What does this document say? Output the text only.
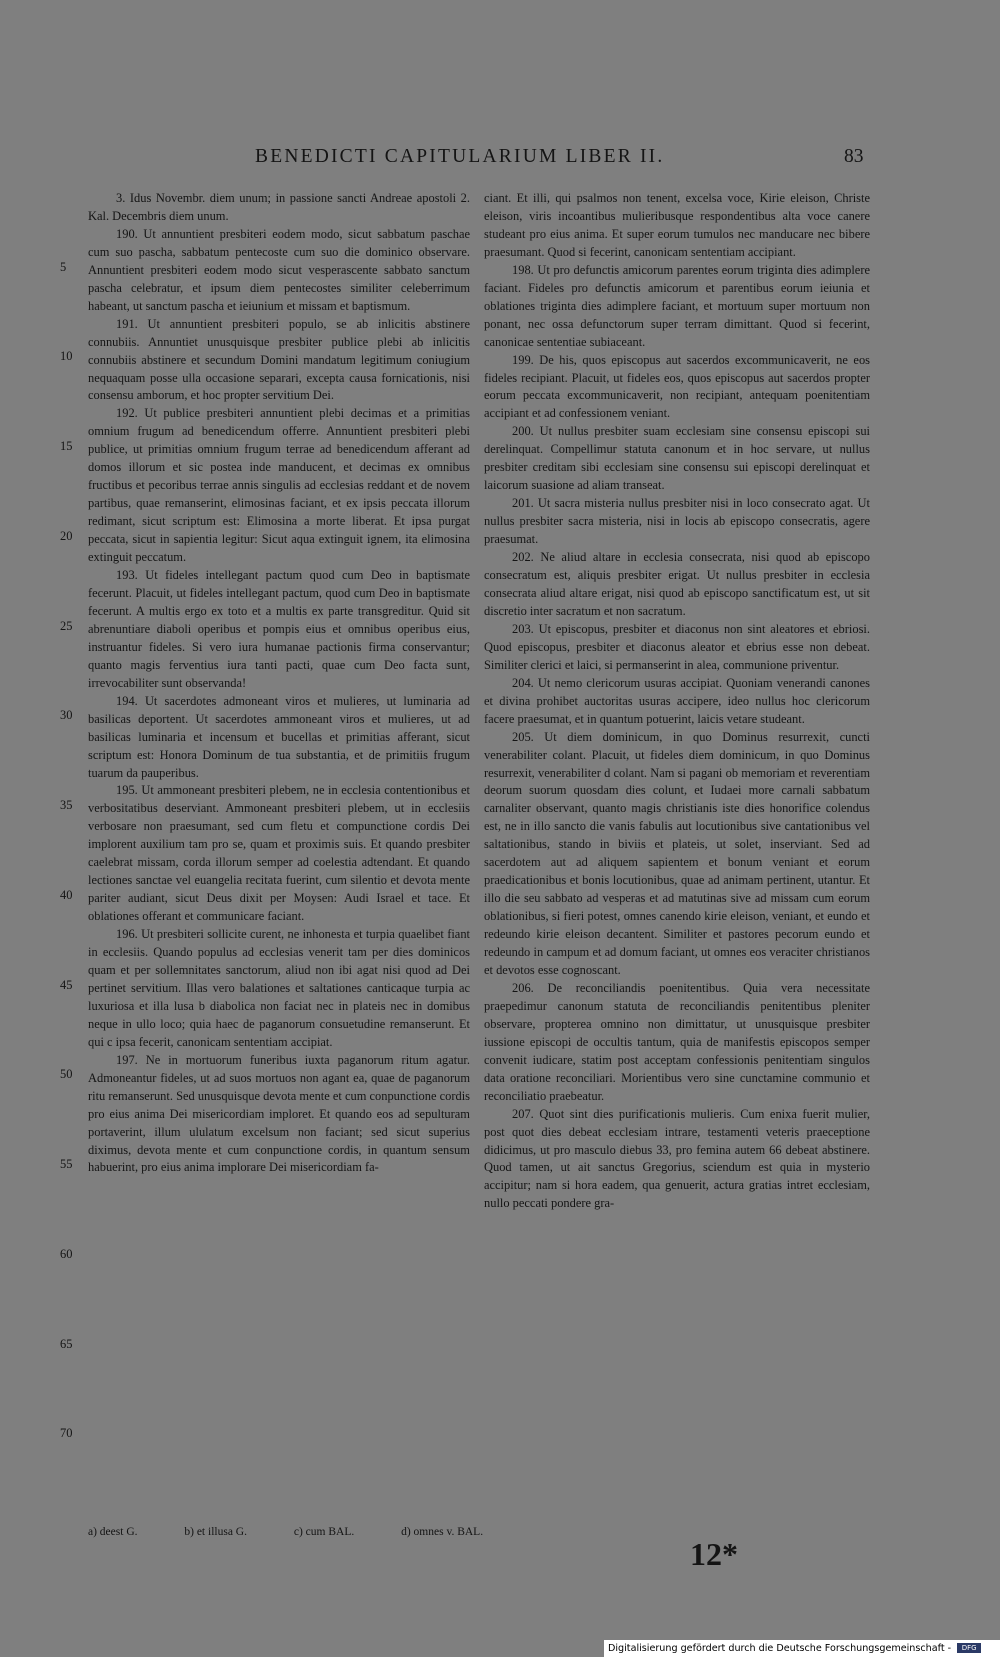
BENEDICTI CAPITULARIUM LIBER II.	83
5
10
15
20
25
30
35
40
45
50
55
60
65
70

3. Idus Novembr. diem unum; in passione sancti Andreae apostoli 2. Kal. Decembris diem unum.

190. Ut annuntient presbiteri eodem modo, sicut sabbatum paschae cum suo pascha, sabbatum pentecoste cum suo die dominico observare. Annuntient presbiteri eodem modo sicut vesperascente sabbato sanctum pascha celebratur, et ipsum diem pentecostes similiter celeberrimum habeant, ut sanctum pascha et ieiunium et missam et baptismum.

191. Ut annuntient presbiteri populo, se ab inlicitis abstinere connubiis. Annuntiet unusquisque presbiter publice plebi ab inlicitis connubiis abstinere et secundum Domini mandatum legitimum coniugium nequaquam posse ulla occasione separari, excepta causa fornicationis, nisi consensu amborum, et hoc propter servitium Dei.

192. Ut publice presbiteri annuntient plebi decimas et a primitias omnium frugum ad benedicendum offerre. Annuntient presbiteri plebi publice, ut primitias omnium frugum terrae ad benedicendum afferant ad domos illorum et sic postea inde manducent, et decimas ex omnibus fructibus et pecoribus terrae annis singulis ad ecclesias reddant et de novem partibus, quae remanserint, elimosinas faciant, et ex ipsis peccata illorum redimant, sicut scriptum est: Elimosina a morte liberat. Et ipsa purgat peccata, sicut in sapientia legitur: Sicut aqua extinguit ignem, ita elimosina extinguit peccatum.

193. Ut fideles intellegant pactum quod cum Deo in baptismate fecerunt. Placuit, ut fideles intellegant pactum, quod cum Deo in baptismate fecerunt. A multis ergo ex toto et a multis ex parte transgreditur. Quid sit abrenuntiare diaboli operibus et pompis eius et omnibus operibus eius, instruantur fideles. Si vero iura humanae pactionis firma conservantur; quanto magis ferventius iura tanti pacti, quae cum Deo facta sunt, irrevocabiliter sunt observanda!

194. Ut sacerdotes admoneant viros et mulieres, ut luminaria ad basilicas deportent. Ut sacerdotes ammoneant viros et mulieres, ut ad basilicas luminaria et incensum et bucellas et primitias afferant, sicut scriptum est: Honora Dominum de tua substantia, et de primitiis frugum tuarum da pauperibus.

195. Ut ammoneant presbiteri plebem, ne in ecclesia contentionibus et verbositatibus deserviant. Ammoneant presbiteri plebem, ut in ecclesiis verbosare non praesumant, sed cum fletu et compunctione cordis Dei implorent auxilium tam pro se, quam et proximis suis. Et quando presbiter caelebrat missam, corda illorum semper ad coelestia adtendant. Et quando lectiones sanctae vel euangelia recitata fuerint, cum silentio et devota mente pariter audiant, sicut Deus dixit per Moysen: Audi Israel et tace. Et oblationes offerant et communicare faciant.

196. Ut presbiteri sollicite curent, ne inhonesta et turpia quaelibet fiant in ecclesiis. Quando populus ad ecclesias venerit tam per dies dominicos quam et per sollemnitates sanctorum, aliud non ibi agat nisi quod ad Dei pertinet servitium. Illas vero balationes et saltationes canticaque turpia ac luxuriosa et illa lusa b diabolica non faciat nec in plateis nec in domibus neque in ullo loco; quia haec de paganorum consuetudine remanserunt. Et qui c ipsa fecerit, canonicam sententiam accipiat.

197. Ne in mortuorum funeribus iuxta paganorum ritum agatur. Admoneantur fideles, ut ad suos mortuos non agant ea, quae de paganorum ritu remanserunt. Sed unusquisque devota mente et cum conpunctione cordis pro eius anima Dei misericordiam imploret. Et quando eos ad sepulturam portaverint, illum ululatum excelsum non faciant; sed sicut superius diximus, devota mente et cum conpunctione cordis, in quantum sensum habuerint, pro eius anima implorare Dei misericordiam fa-

ciant. Et illi, qui psalmos non tenent, excelsa voce, Kirie eleison, Christe eleison, viris incoantibus mulieribusque respondentibus alta voce canere studeant pro eius anima. Et super eorum tumulos nec manducare nec bibere praesumant. Quod si fecerint, canonicam sententiam accipiant.

198. Ut pro defunctis amicorum parentes eorum triginta dies adimplere faciant. Fideles pro defunctis amicorum et parentibus eorum ieiunia et oblationes triginta dies adimplere faciant, et mortuum super mortuum non ponant, nec ossa defunctorum super terram dimittant. Quod si fecerint, canonicae sententiae subiaceant.

199. De his, quos episcopus aut sacerdos excommunicaverit, ne eos fideles recipiant. Placuit, ut fideles eos, quos episcopus aut sacerdos propter eorum peccata excommunicaverit, non recipiant, antequam poenitentiam accipiant et ad confessionem veniant.

200. Ut nullus presbiter suam ecclesiam sine consensu episcopi sui derelinquat. Compellimur statuta canonum et in hoc servare, ut nullus presbiter creditam sibi ecclesiam sine consensu sui episcopi derelinquat et laicorum suasione ad aliam transeat.

201. Ut sacra misteria nullus presbiter nisi in loco consecrato agat. Ut nullus presbiter sacra misteria, nisi in locis ab episcopo consecratis, agere praesumat.

202. Ne aliud altare in ecclesia consecrata, nisi quod ab episcopo consecratum est, aliquis presbiter erigat. Ut nullus presbiter in ecclesia consecrata aliud altare erigat, nisi quod ab episcopo sanctificatum est, ut sit discretio inter sacratum et non sacratum.

203. Ut episcopus, presbiter et diaconus non sint aleatores et ebriosi. Quod episcopus, presbiter et diaconus aleator et ebrius esse non debeat. Similiter clerici et laici, si permanserint in alea, communione priventur.

204. Ut nemo clericorum usuras accipiat. Quoniam venerandi canones et divina prohibet auctoritas usuras accipere, ideo nullus hoc clericorum facere praesumat, et in quantum potuerint, laicis vetare studeant.

205. Ut diem dominicum, in quo Dominus resurrexit, cuncti venerabiliter colant. Placuit, ut fideles diem dominicum, in quo Dominus resurrexit, venerabiliter d colant. Nam si pagani ob memoriam et reverentiam deorum suorum quosdam dies colunt, et Iudaei more carnali sabbatum carnaliter observant, quanto magis christianis iste dies honorifice colendus est, ne in illo sancto die vanis fabulis aut locutionibus sive cantationibus vel saltationibus, stando in biviis et plateis, ut solet, inserviant. Sed ad sacerdotem aut ad aliquem sapientem et bonum veniant et eorum praedicationibus et bonis locutionibus, quae ad animam pertinent, utantur. Et illo die seu sabbato ad vesperas et ad matutinas sive ad missam cum eorum oblationibus, si fieri potest, omnes canendo kirie eleison, veniant, et eundo et redeundo kirie eleison decantent. Similiter et pastores pecorum eundo et redeundo in campum et ad domum faciant, ut omnes eos veraciter christianos et devotos esse cognoscant.

206. De reconciliandis poenitentibus. Quia vera necessitate praepedimur canonum statuta de reconciliandis penitentibus pleniter observare, propterea omnino non dimittatur, ut unusquisque presbiter iussione episcopi de occultis tantum, quia de manifestis episcopos semper convenit iudicare, statim post acceptam confessionis penitentiam singulos data oratione reconciliari. Morientibus vero sine cunctamine communio et reconciliatio praebeatur.

207. Quot sint dies purificationis mulieris. Cum enixa fuerit mulier, post quot dies debeat ecclesiam intrare, testamenti veteris praeceptione didicimus, ut pro masculo diebus 33, pro femina autem 66 debeat abstinere. Quod tamen, ut ait sanctus Gregorius, sciendum est quia in mysterio accipitur; nam si hora eadem, qua genuerit, actura gratias intret ecclesiam, nullo peccati pondere gra-

a) deest G.	b) et illusa G.	c) cum BAL.	d) omnes v. BAL.
12*
Digitalisierung gefördert durch die Deutsche Forschungsgemeinschaft - DFG
